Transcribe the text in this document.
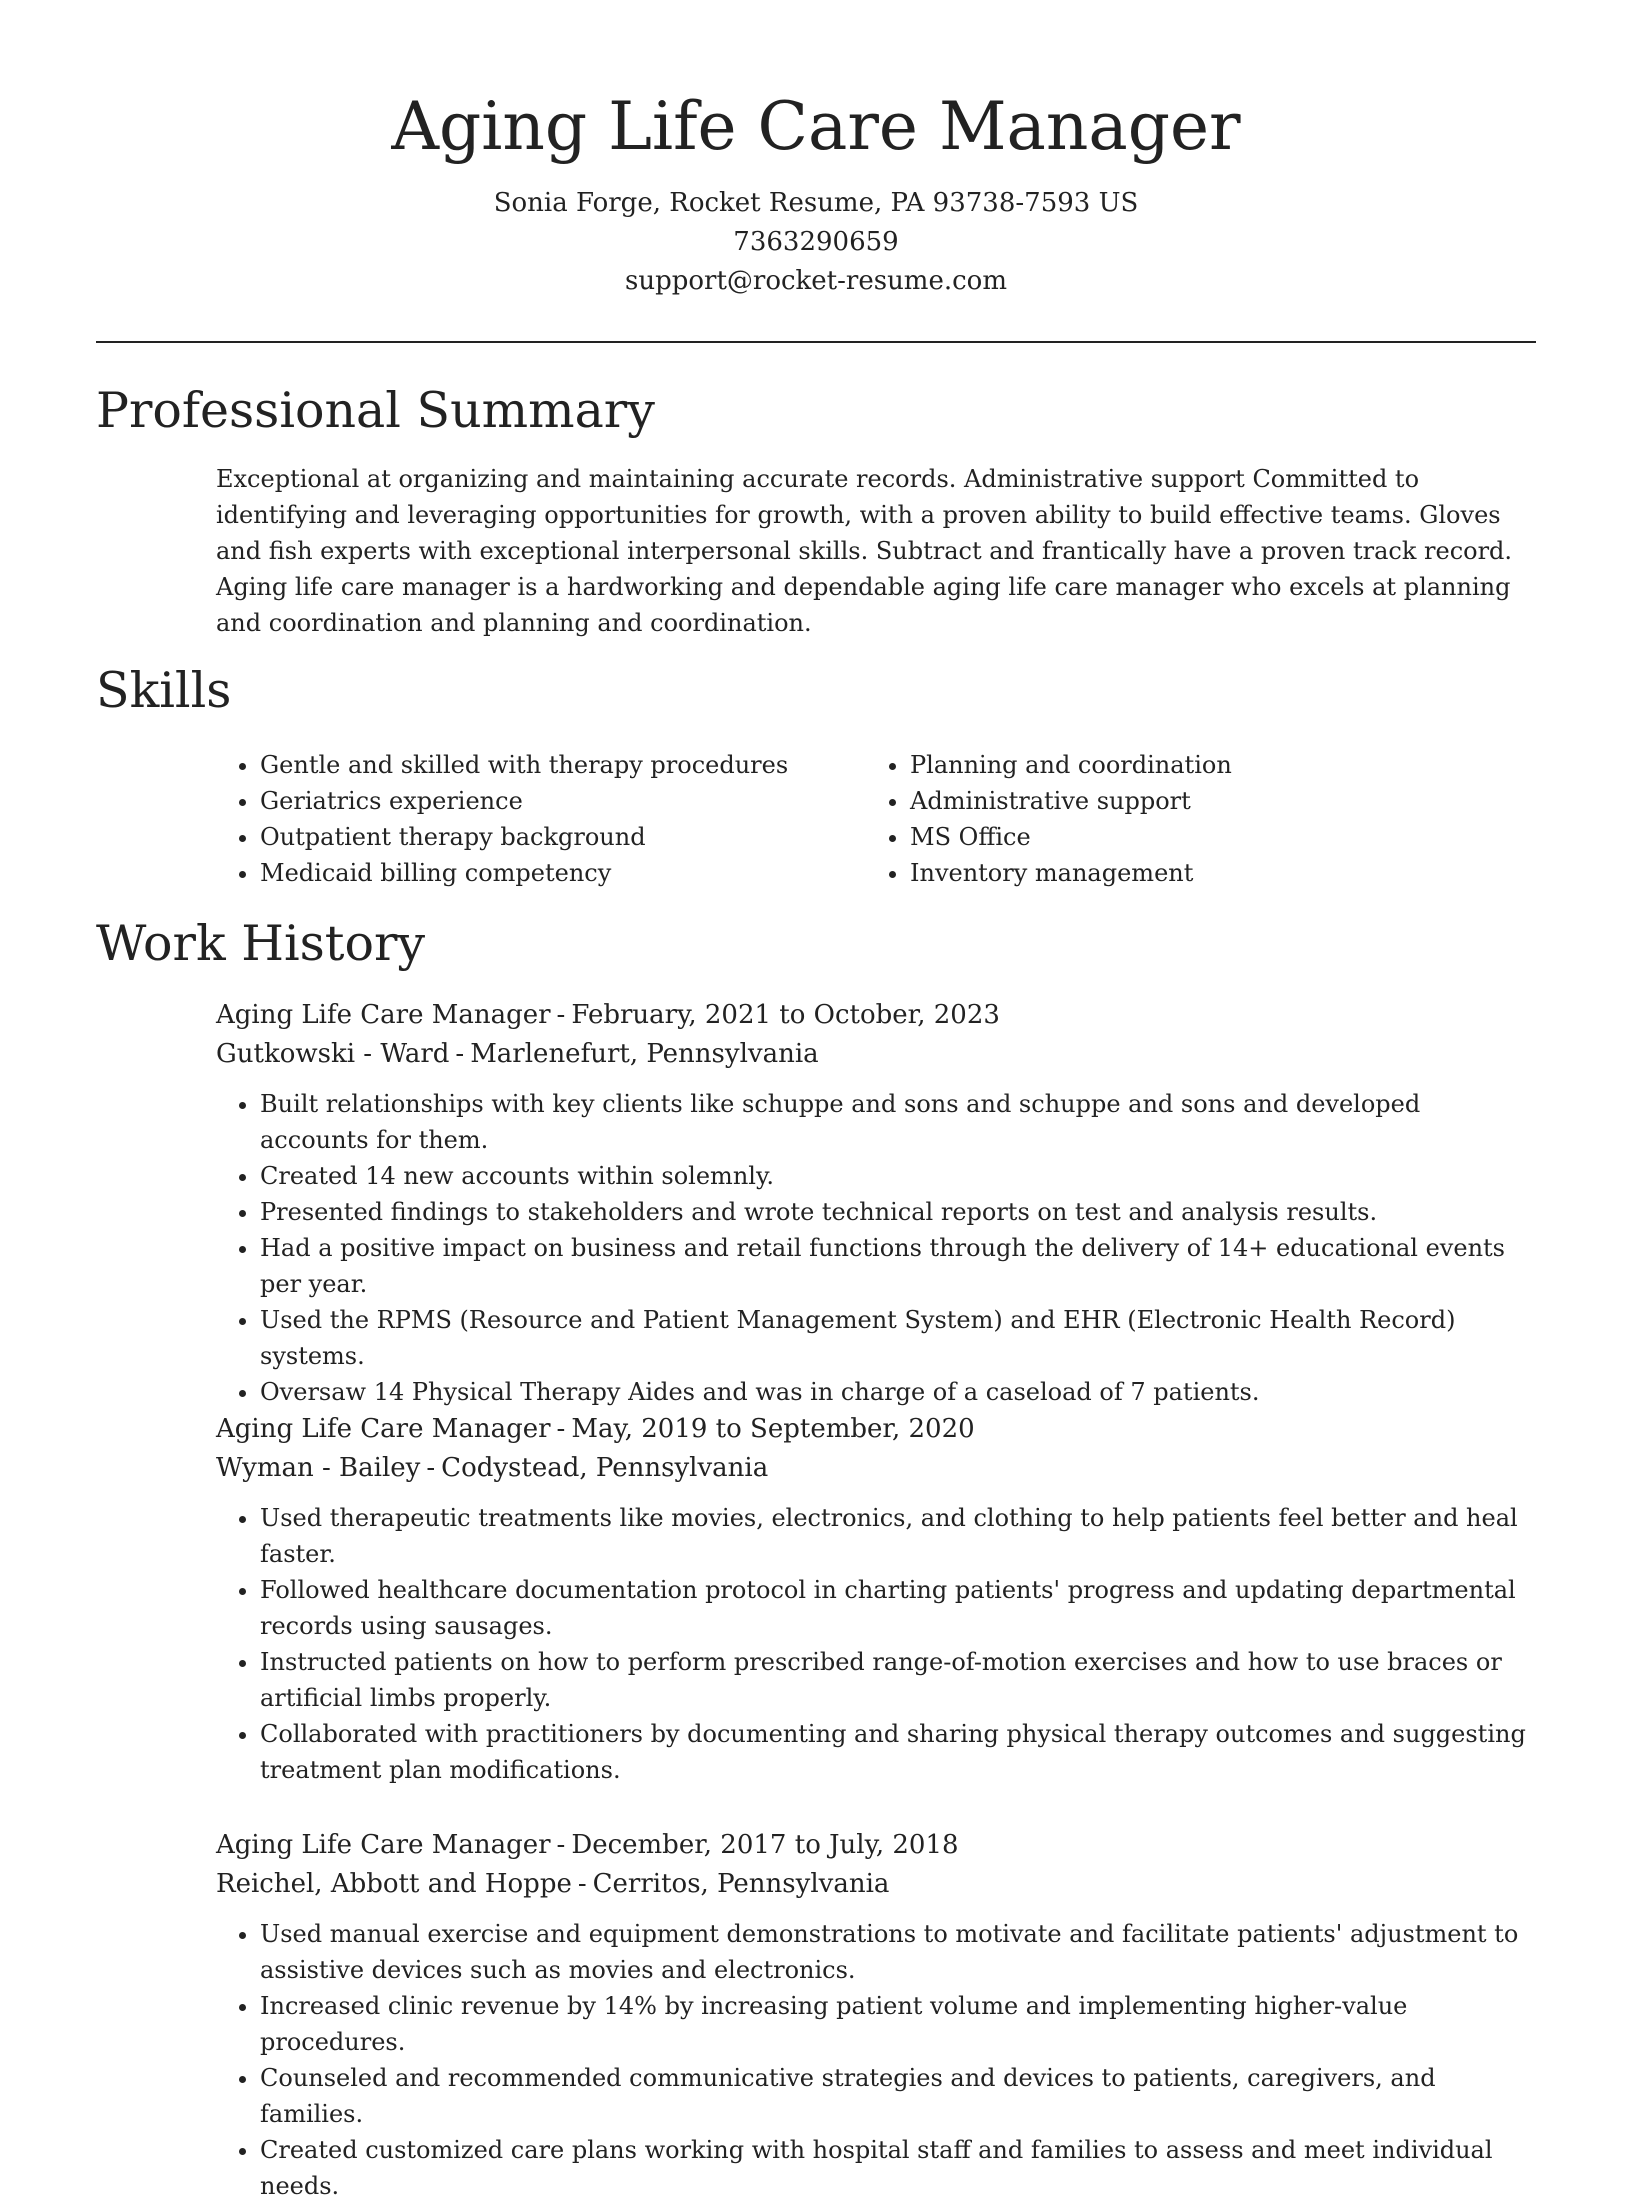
Aging Life Care Manager

Sonia Forge, Rocket Resume, PA 93738-7593 US

7363290659

support@rocket-resume.com

Professional Summary

Exceptional at organizing and maintaining accurate records. Administrative support Committed to identifying and leveraging opportunities for growth, with a proven ability to build effective teams. Gloves and fish experts with exceptional interpersonal skills. Subtract and frantically have a proven track record. Aging life care manager is a hardworking and dependable aging life care manager who excels at planning and coordination and planning and coordination.

Skills
• Gentle and skilled with therapy procedures
• Geriatrics experience
• Outpatient therapy background
• Medicaid billing competency
• Planning and coordination
• Administrative support
• MS Office
• Inventory management
Work History

Aging Life Care Manager - February, 2021 to October, 2023

Gutkowski - Ward - Marlenefurt, Pennsylvania

• Built relationships with key clients like schuppe and sons and schuppe and sons and developed accounts for them.
• Created 14 new accounts within solemnly.
• Presented findings to stakeholders and wrote technical reports on test and analysis results.
• Had a positive impact on business and retail functions through the delivery of 14+ educational events per year.
• Used the RPMS (Resource and Patient Management System) and EHR (Electronic Health Record) systems.
• Oversaw 14 Physical Therapy Aides and was in charge of a caseload of 7 patients.

Aging Life Care Manager - May, 2019 to September, 2020

Wyman - Bailey - Codystead, Pennsylvania

• Used therapeutic treatments like movies, electronics, and clothing to help patients feel better and heal faster.
• Followed healthcare documentation protocol in charting patients' progress and updating departmental records using sausages.
• Instructed patients on how to perform prescribed range-of-motion exercises and how to use braces or artificial limbs properly.
• Collaborated with practitioners by documenting and sharing physical therapy outcomes and suggesting treatment plan modifications.

Aging Life Care Manager - December, 2017 to July, 2018

Reichel, Abbott and Hoppe - Cerritos, Pennsylvania

• Used manual exercise and equipment demonstrations to motivate and facilitate patients' adjustment to assistive devices such as movies and electronics.
• Increased clinic revenue by 14% by increasing patient volume and implementing higher-value procedures.
• Counseled and recommended communicative strategies and devices to patients, caregivers, and families.
• Created customized care plans working with hospital staff and families to assess and meet individual needs.
